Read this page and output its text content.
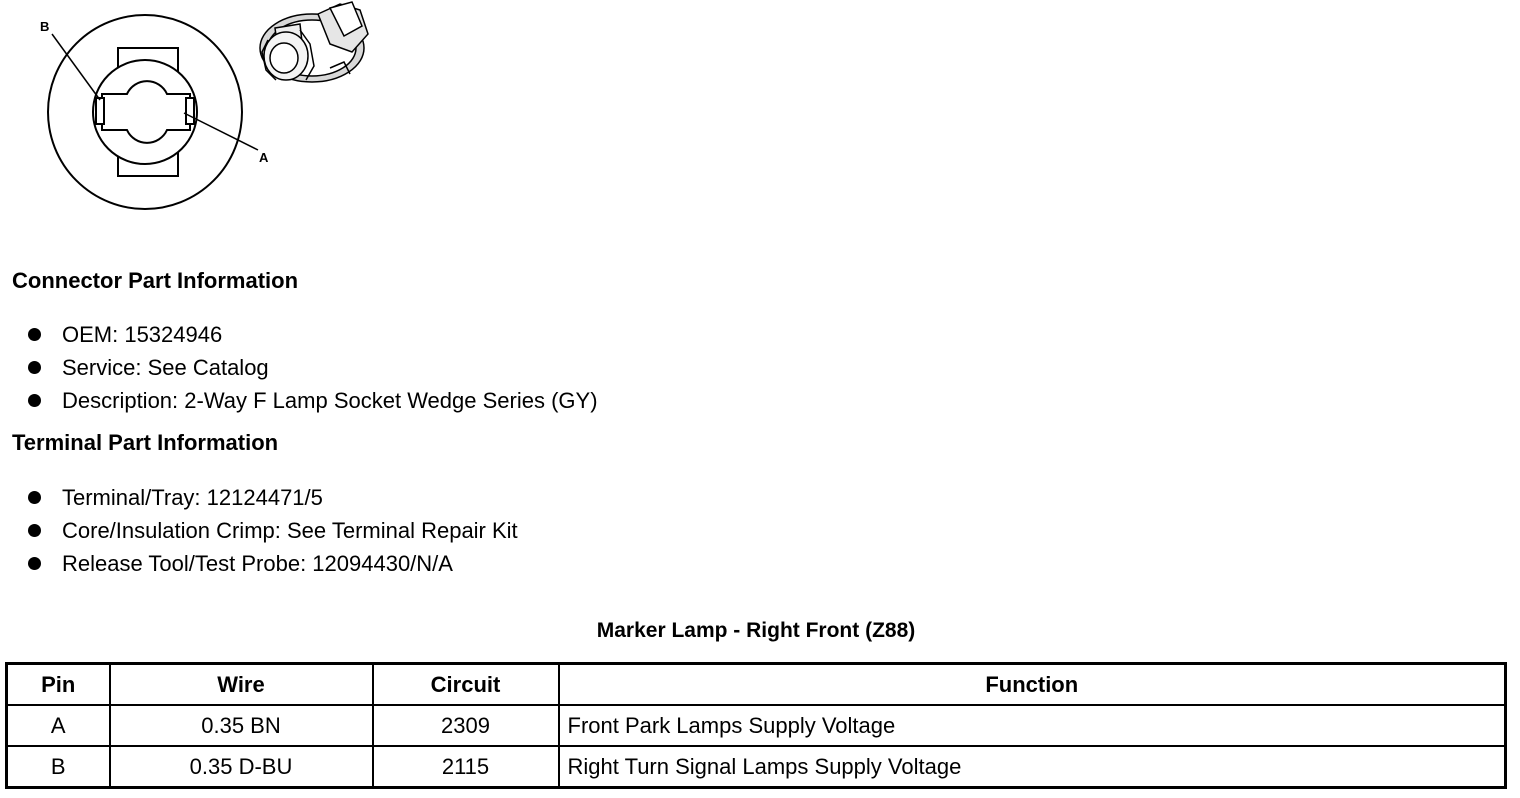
B
A
Connector Part Information
OEM: 15324946
Service: See Catalog
Description: 2-Way F Lamp Socket Wedge Series (GY)
Terminal Part Information
Terminal/Tray: 12124471/5
Core/Insulation Crimp: See Terminal Repair Kit
Release Tool/Test Probe: 12094430/N/A
Marker Lamp - Right Front (Z88)
Pin	Wire	Circuit	Function
A	0.35 BN	2309	Front Park Lamps Supply Voltage
B	0.35 D-BU	2115	Right Turn Signal Lamps Supply Voltage
